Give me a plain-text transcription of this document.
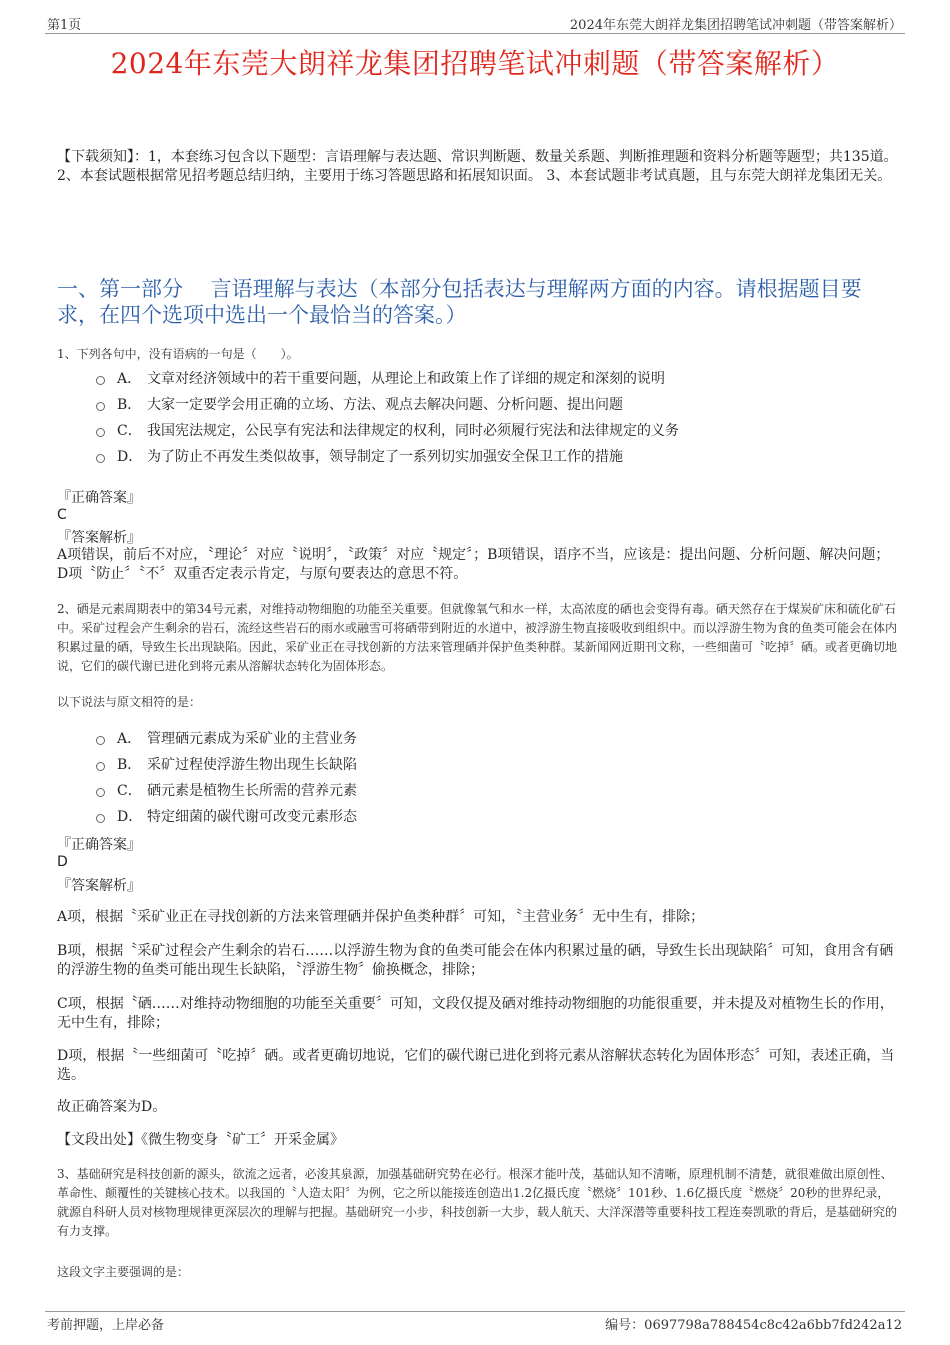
第1页	2024年东莞大朗祥龙集团招聘笔试冲刺题（带答案解析）
2024年东莞大朗祥龙集团招聘笔试冲刺题（带答案解析）
【下载须知】：1，本套练习包含以下题型：言语理解与表达题、常识判断题、数量关系题、判断推理题和资料分析题等题型；共135道。 2、本套试题根据常见招考题总结归纳，主要用于练习答题思路和拓展知识面。 3、本套试题非考试真题，且与东莞大朗祥龙集团无关。
一、第一部分　 言语理解与表达（本部分包括表达与理解两方面的内容。请根据题目要求，在四个选项中选出一个最恰当的答案。）
1、下列各句中，没有语病的一句是（　　）。
A． 文章对经济领域中的若干重要问题，从理论上和政策上作了详细的规定和深刻的说明
B． 大家一定要学会用正确的立场、方法、观点去解决问题、分析问题、提出问题
C． 我国宪法规定，公民享有宪法和法律规定的权利，同时必须履行宪法和法律规定的义务
D． 为了防止不再发生类似故事，领导制定了一系列切实加强安全保卫工作的措施
『正确答案』
C
『答案解析』
A项错误，前后不对应，〝理论〞对应〝说明〞，〝政策〞对应〝规定〞；B项错误，语序不当，应该是：提出问题、分析问题、解决问题；D项〝防止〞〝不〞双重否定表示肯定，与原句要表达的意思不符。
2、硒是元素周期表中的第34号元素，对维持动物细胞的功能至关重要。但就像氧气和水一样，太高浓度的硒也会变得有毒。硒天然存在于煤炭矿床和硫化矿石中。采矿过程会产生剩余的岩石，流经这些岩石的雨水或融雪可将硒带到附近的水道中，被浮游生物直接吸收到组织中。而以浮游生物为食的鱼类可能会在体内积累过量的硒，导致生长出现缺陷。因此，采矿业正在寻找创新的方法来管理硒并保护鱼类种群。某新闻网近期刊文称，一些细菌可〝吃掉〞硒。或者更确切地说，它们的碳代谢已进化到将元素从溶解状态转化为固体形态。
以下说法与原文相符的是：
A． 管理硒元素成为采矿业的主营业务
B． 采矿过程使浮游生物出现生长缺陷
C． 硒元素是植物生长所需的营养元素
D． 特定细菌的碳代谢可改变元素形态
『正确答案』
D
『答案解析』
A项，根据〝采矿业正在寻找创新的方法来管理硒并保护鱼类种群〞可知，〝主营业务〞无中生有，排除；
B项，根据〝采矿过程会产生剩余的岩石……以浮游生物为食的鱼类可能会在体内积累过量的硒，导致生长出现缺陷〞可知，食用含有硒的浮游生物的鱼类可能出现生长缺陷，〝浮游生物〞偷换概念，排除；
C项，根据〝硒……对维持动物细胞的功能至关重要〞可知，文段仅提及硒对维持动物细胞的功能很重要，并未提及对植物生长的作用，无中生有，排除；
D项，根据〝一些细菌可〝吃掉〞硒。或者更确切地说，它们的碳代谢已进化到将元素从溶解状态转化为固体形态〞可知，表述正确，当选。
故正确答案为D。
【文段出处】《微生物变身〝矿工〞开采金属》
3、基础研究是科技创新的源头，欲流之远者，必浚其泉源，加强基础研究势在必行。根深才能叶茂，基础认知不清晰，原理机制不清楚，就很难做出原创性、革命性、颠覆性的关键核心技术。以我国的〝人造太阳〞为例，它之所以能接连创造出1.2亿摄氏度〝燃烧〞101秒、1.6亿摄氏度〝燃烧〞20秒的世界纪录，就源自科研人员对核物理规律更深层次的理解与把握。基础研究一小步，科技创新一大步，载人航天、大洋深潜等重要科技工程连奏凯歌的背后，是基础研究的有力支撑。
这段文字主要强调的是：
考前押题，上岸必备	编号：0697798a788454c8c42a6bb7fd242a12
